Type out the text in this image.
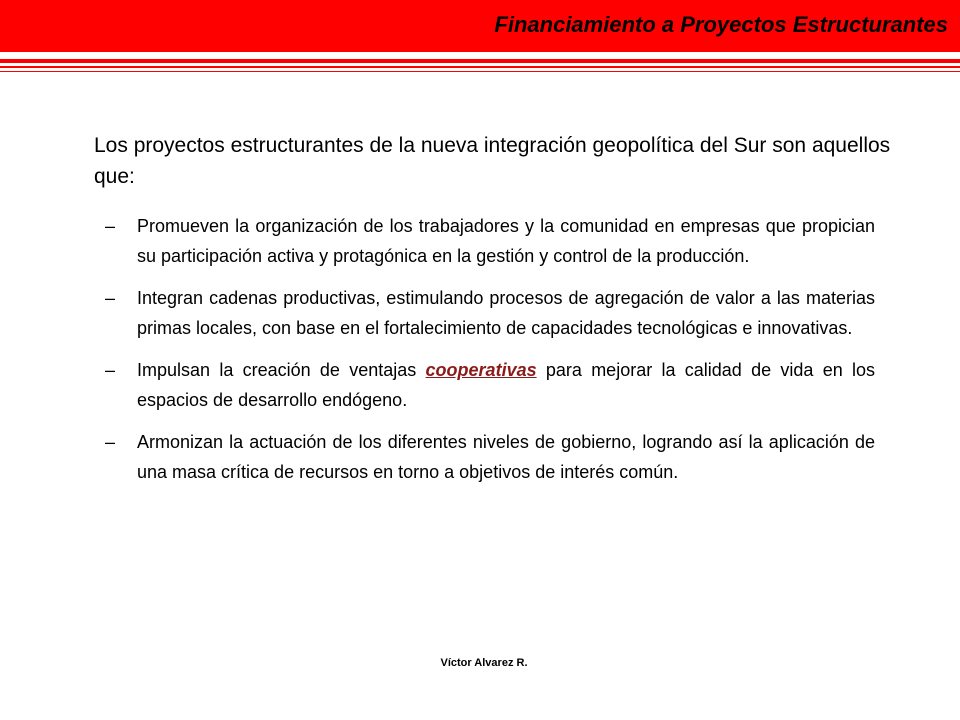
Financiamiento a Proyectos Estructurantes
Los proyectos estructurantes de la nueva integración geopolítica del Sur son aquellos que:
– Promueven la organización de los trabajadores y la comunidad en empresas que propician su participación activa y protagónica en la gestión y control de la producción.
– Integran cadenas productivas, estimulando procesos de agregación de valor a las materias primas locales, con base en el fortalecimiento de capacidades tecnológicas e innovativas.
– Impulsan la creación de ventajas cooperativas para mejorar la calidad de vida en los espacios de desarrollo endógeno.
– Armonizan la actuación de los diferentes niveles de gobierno, logrando así la aplicación de una masa crítica de recursos en torno a objetivos de interés común.
Víctor Alvarez R.
